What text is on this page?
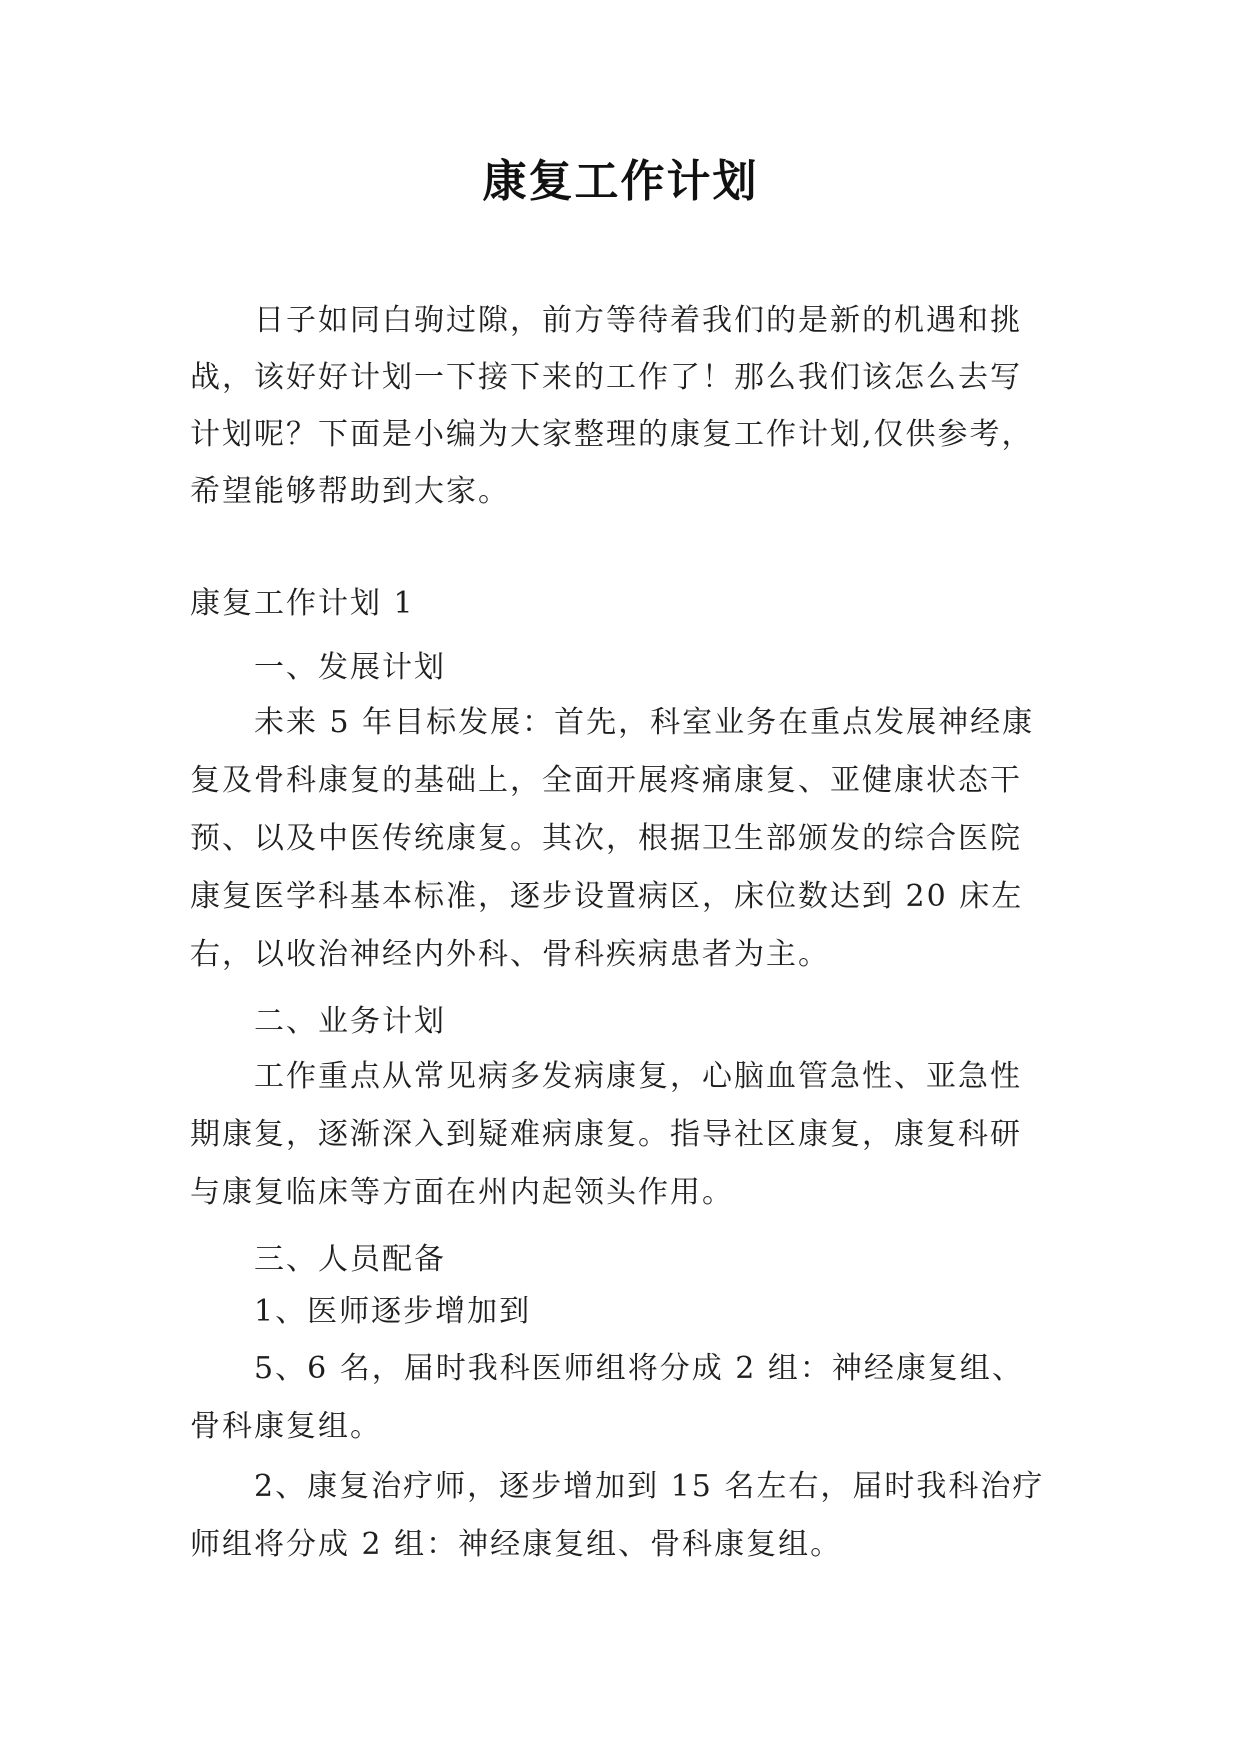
康复工作计划

日子如同白驹过隙，前方等待着我们的是新的机遇和挑战，该好好计划一下接下来的工作了！那么我们该怎么去写计划呢？下面是小编为大家整理的康复工作计划,仅供参考，希望能够帮助到大家。

康复工作计划 1

一、发展计划

未来 5 年目标发展：首先，科室业务在重点发展神经康复及骨科康复的基础上，全面开展疼痛康复、亚健康状态干预、以及中医传统康复。其次，根据卫生部颁发的综合医院康复医学科基本标准，逐步设置病区，床位数达到 20 床左右，以收治神经内外科、骨科疾病患者为主。

二、业务计划

工作重点从常见病多发病康复，心脑血管急性、亚急性期康复，逐渐深入到疑难病康复。指导社区康复，康复科研与康复临床等方面在州内起领头作用。

三、人员配备

1、医师逐步增加到

5、6 名，届时我科医师组将分成 2 组：神经康复组、骨科康复组。

2、康复治疗师，逐步增加到 15 名左右，届时我科治疗师组将分成 2 组：神经康复组、骨科康复组。
